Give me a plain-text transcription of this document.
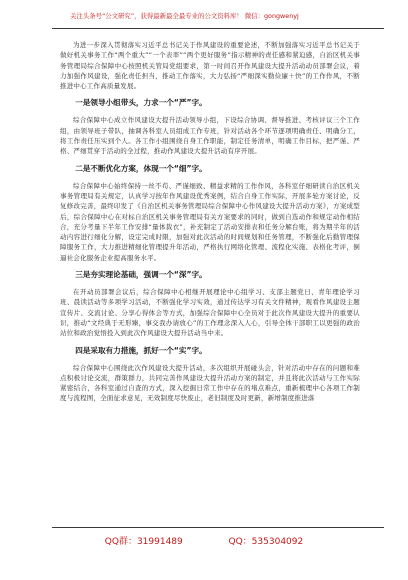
关注头条号“公文研究”，获得最新最全最专业的公文资料库！ 微信：gongwenyj

为进一步深入贯彻落实习近平总书记关于作风建设的重要论述，不断加强落实习近平总书记关于做好机关事务工作“两个重大”“一个表率”“两个更好服务”指示精神的责任感和紧迫感，自治区机关事务管理局综合保障中心按照机关管局党组要求，第一时间召开作风建设大提升活动动员部署会议，着力加强作风建设，强化责任担当，推动工作落实，大力弘扬“严细深实勤俭廉＋快”的工作作风，不断推进中心工作高质量发展。

一是领导小组带头，力求一个“严”字。

综合保障中心成立作风建设大提升活动领导小组，下设综合协调、督导推进、考核评议三个工作组，由领导班子带队，抽调各科室人员组成工作专班，针对活动各个环节逐项明确责任、明确分工，将工作责任压实到个人。各工作小组围绕自身工作职能，制定任务清单，明确工作目标，把严谨、严格、严细贯穿于活动的全过程，推动作风建设大提升活动有序开展。

二是不断优化方案，体现一个“细”字。

综合保障中心始终保持一丝不苟、严谨细致、精益求精的工作作风，各科室仔细研读自治区机关事务管理局有关规定，认真学习按年作风建设优秀案例，结合自身工作实际，开展多轮方案讨论，反复修改完善，最终印发了《自治区机关事务管理局综合保障中心作风建设大提升活动方案》，方案成型后，综合保障中心在对标自治区机关事务管理局有关方案要求的同时，做到自选动作和规定动作相结合，充分考量下半年工作安排“量体裁衣”，补充制定了活动安排表和任务分解台账，将为期半年的活动内容进行细化分解，设定完成时限，加强对此次活动的时间规划和任务管理，不断强化后勤管理保障服务工作，大力推进精细化管理提升年活动，严格执行网络化管理、流程化实施、表格化考评，倒逼社会化服务企业提高服务水平。

三是夯实理论基础，强调一个“深”字。

在开动员部署会议后，综合保障中心相继开展理论中心组学习、支部主题党日、青年理论学习班、晨读活动等多项学习活动，不断强化学习实效，通过传达学习有关文件精神，观看作风建设主题宣传片、交流讨论、分享心得体会等方式，加强综合保障中心全员对于此次作风建设大提升的重要认识，推动“文经典于无形臻，事交我办请放心”的工作理念深入人心，引导全体干部职工以更强的政治站位和政治觉悟投入到此次作风建设大提升活动当中来。

四是采取有力措施，抓好一个“实”字。

综合保障中心围绕此次作风建设大提升活动，多次组织开展碰头会，针对活动中存在的问题和难点积极讨论交流，群策群力，共同完善作风建设大提升活动方案的制定，并且将此次活动与工作实际紧密结合，各科室通过自查的方式，深入挖掘日常工作中存在的堵点难点，重新梳理中心各项工作制度与流程图，全面征求意见，无效制度尽快废止，老旧制度及时更新，新增制度推进落

QQ群：31991489	QQ：535304092
